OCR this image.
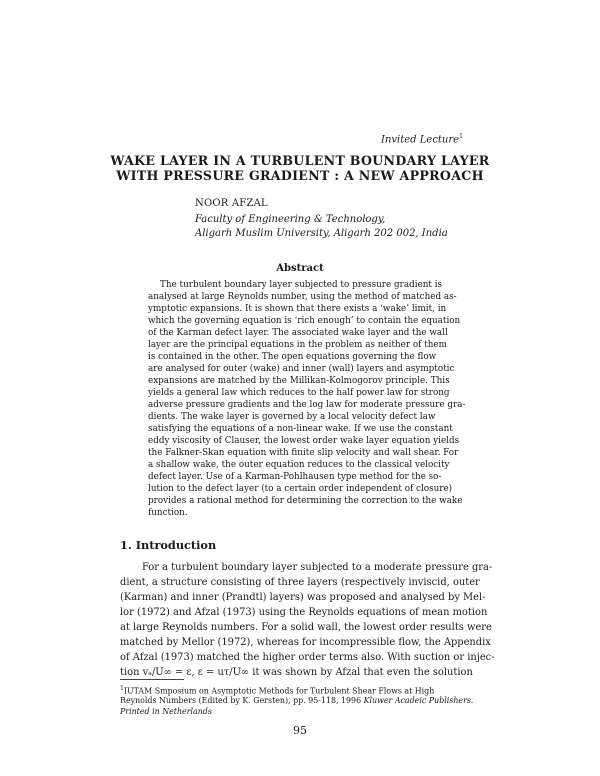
Invited Lecture$^1$
WAKE LAYER IN A TURBULENT BOUNDARY LAYER
WITH PRESSURE GRADIENT : A NEW APPROACH
NOOR AFZAL
Faculty of Engineering & Technology,
Aligarh Muslim University, Aligarh 202 002, India
Abstract
The turbulent boundary layer subjected to pressure gradient is
analysed at large Reynolds number, using the method of matched as-
ymptotic expansions. It is shown that there exists a ‘wake’ limit, in
which the governing equation is ‘rich enough’ to contain the equation
of the Karman defect layer. The associated wake layer and the wall
layer are the principal equations in the problem as neither of them
is contained in the other. The open equations governing the flow
are analysed for outer (wake) and inner (wall) layers and asymptotic
expansions are matched by the Millikan-Kolmogorov principle. This
yields a general law which reduces to the half power law for strong
adverse pressure gradients and the log law for moderate pressure gra-
dients. The wake layer is governed by a local velocity defect law
satisfying the equations of a non-linear wake. If we use the constant
eddy viscosity of Clauser, the lowest order wake layer equation yields
the Falkner-Skan equation with finite slip velocity and wall shear. For
a shallow wake, the outer equation reduces to the classical velocity
defect layer. Use of a Karman-Pohlhausen type method for the so-
lution to the defect layer (to a certain order independent of closure)
provides a rational method for determining the correction to the wake
function.
1. Introduction
For a turbulent boundary layer subjected to a moderate pressure gra-
dient, a structure consisting of three layers (respectively inviscid, outer
(Karman) and inner (Prandtl) layers) was proposed and analysed by Mel-
lor (1972) and Afzal (1973) using the Reynolds equations of mean motion
at large Reynolds numbers. For a solid wall, the lowest order results were
matched by Mellor (1972), whereas for incompressible flow, the Appendix
of Afzal (1973) matched the higher order terms also. With suction or injec-
tion vₐ/U∞ = ε, ε = uτ/U∞ it was shown by Afzal that even the solution
$^1$IUTAM Smposium on Asymptotic Methods for Turbulent Shear Flows at High
Reynolds Numbers (Edited by K. Gersten), pp. 95-118, 1996 Kluwer Acadeic Publishers.
Printed in Netherlands
95
